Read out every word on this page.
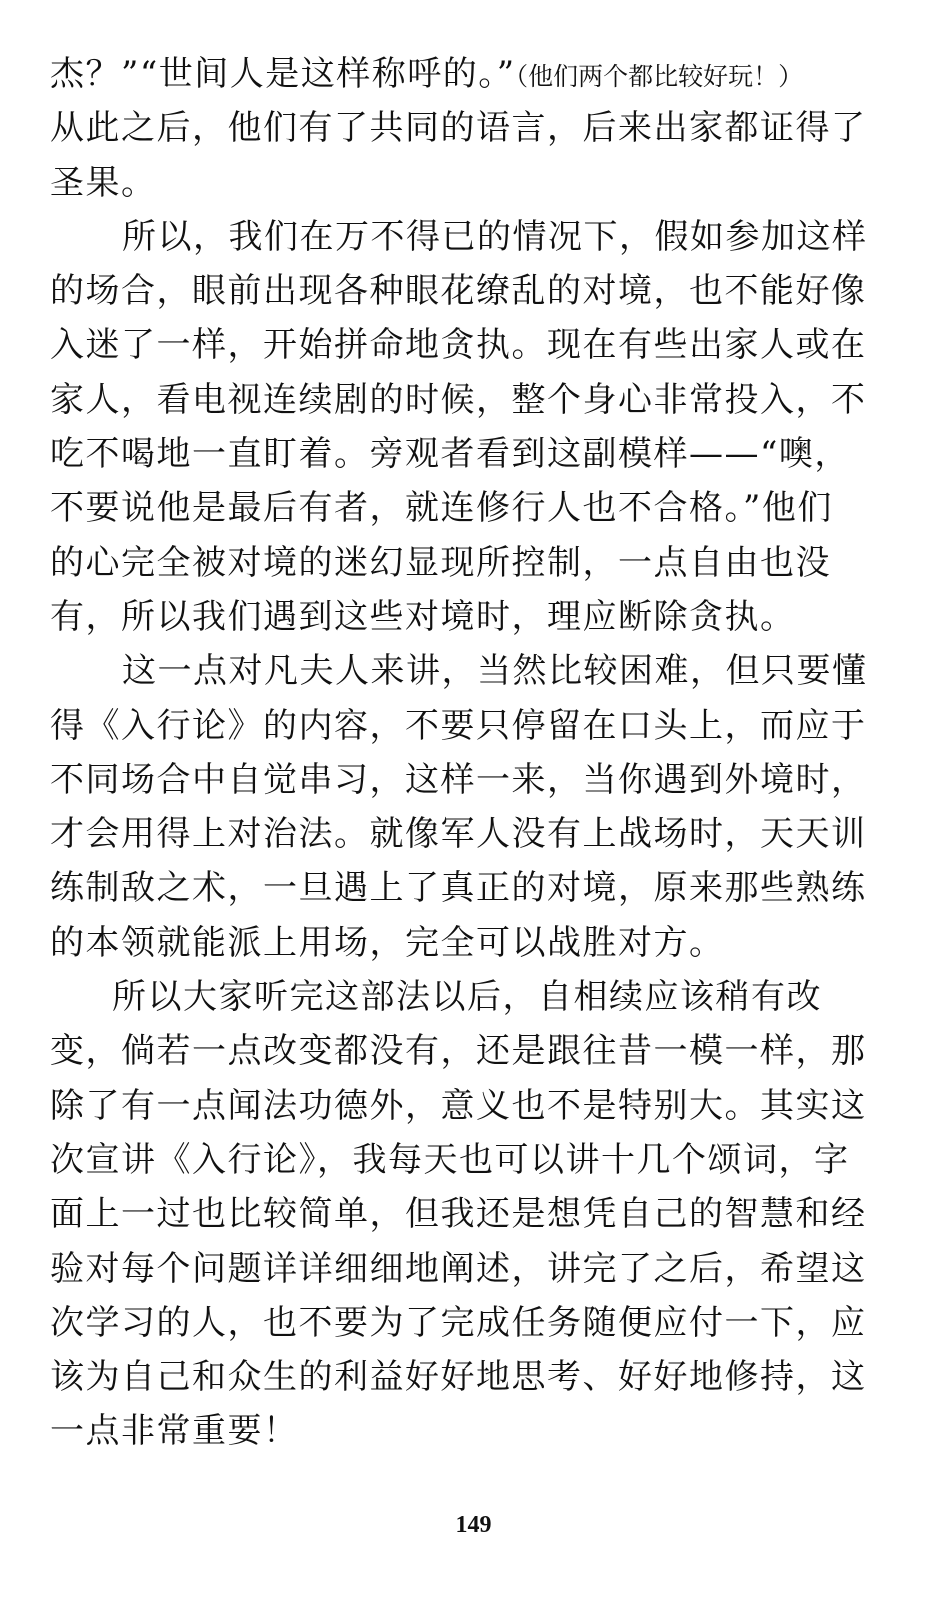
杰？”“世间人是这样称呼的。”（他们两个都比较好玩！）
从此之后，他们有了共同的语言，后来出家都证得了
圣果。
所以，我们在万不得已的情况下，假如参加这样
的场合，眼前出现各种眼花缭乱的对境，也不能好像
入迷了一样，开始拼命地贪执。现在有些出家人或在
家人，看电视连续剧的时候，整个身心非常投入，不
吃不喝地一直盯着。旁观者看到这副模样——“噢，
不要说他是最后有者，就连修行人也不合格。”他们
的心完全被对境的迷幻显现所控制，一点自由也没
有，所以我们遇到这些对境时，理应断除贪执。
这一点对凡夫人来讲，当然比较困难，但只要懂
得《入行论》的内容，不要只停留在口头上，而应于
不同场合中自觉串习，这样一来，当你遇到外境时，
才会用得上对治法。就像军人没有上战场时，天天训
练制敌之术，一旦遇上了真正的对境，原来那些熟练
的本领就能派上用场，完全可以战胜对方。
所以大家听完这部法以后，自相续应该稍有改
变，倘若一点改变都没有，还是跟往昔一模一样，那
除了有一点闻法功德外，意义也不是特别大。其实这
次宣讲《入行论》，我每天也可以讲十几个颂词，字
面上一过也比较简单，但我还是想凭自己的智慧和经
验对每个问题详详细细地阐述，讲完了之后，希望这
次学习的人，也不要为了完成任务随便应付一下，应
该为自己和众生的利益好好地思考、好好地修持，这
一点非常重要！
149
